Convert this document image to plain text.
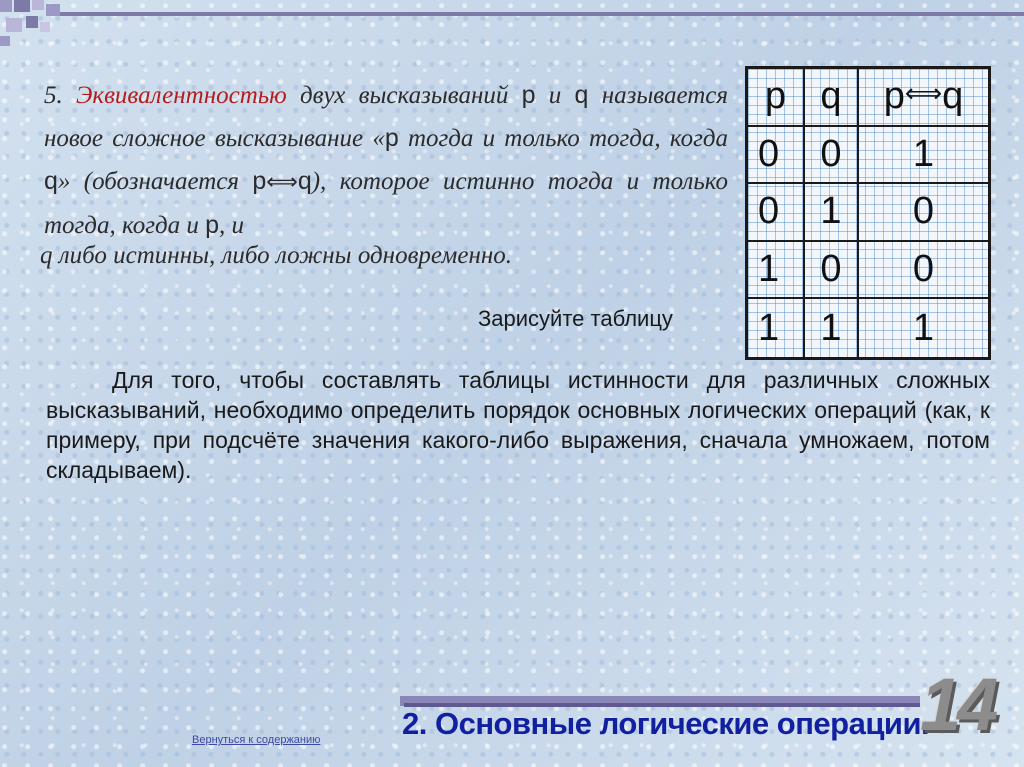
5. Эквивалентностью двух высказываний p и q называется новое сложное высказывание «p тогда и только тогда, когда q» (обозначается p⟺q), которое истинно тогда и только тогда, когда и p, и
q либо истинны, либо ложны одновременно.
Зарисуйте таблицу
p q	p ⟺ q
0	0	1
0	1	0
1	0	0
1	1	1
Для того, чтобы составлять таблицы истинности для различных сложных высказываний, необходимо определить порядок основных логических операций (как, к примеру, при подсчёте значения какого-либо выражения, сначала умножаем, потом складываем).
2. Основные логические операции.
Вернуться к содержанию	14
